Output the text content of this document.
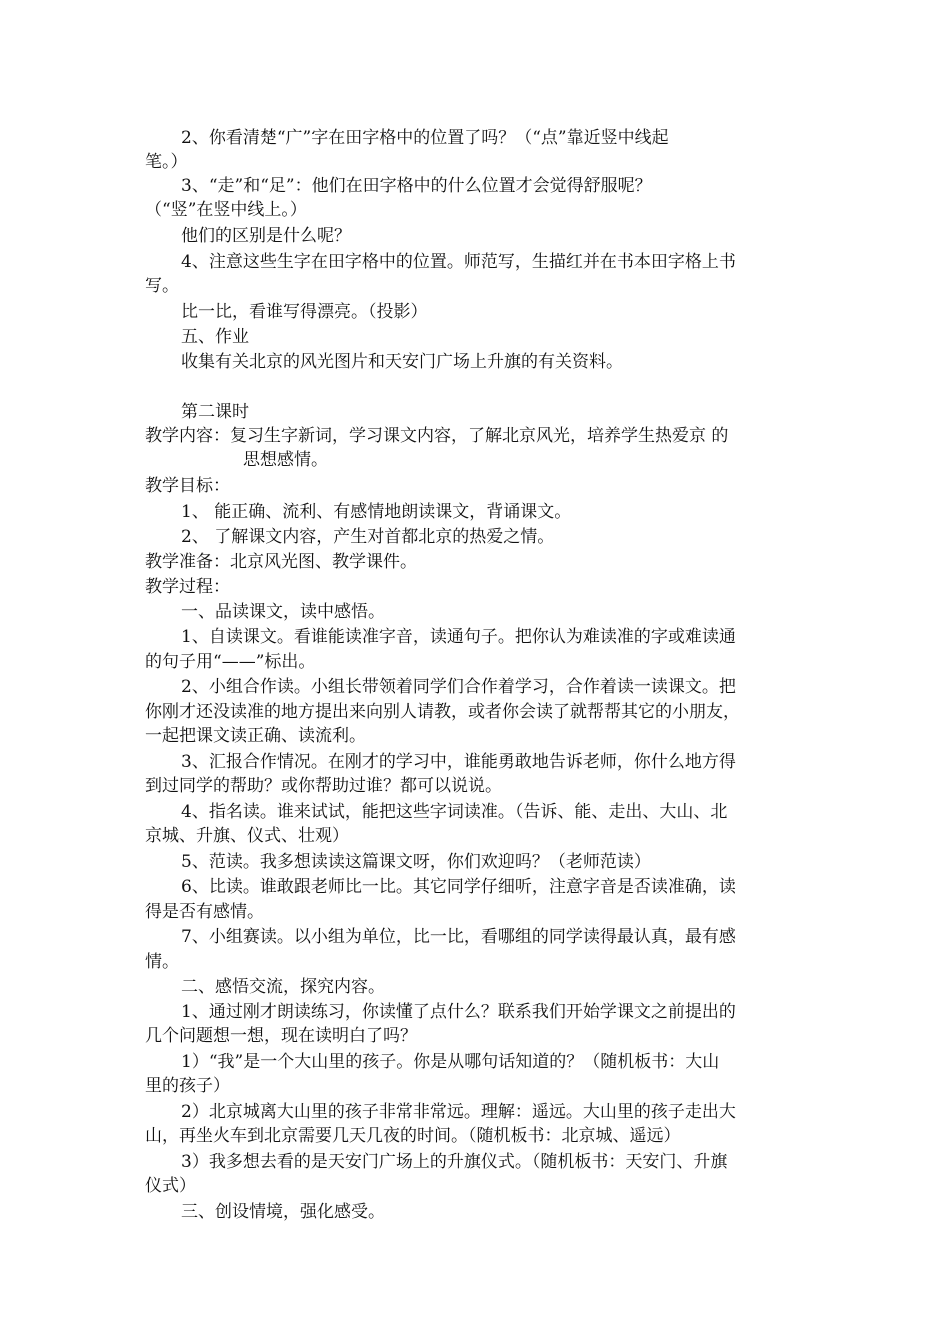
2、你看清楚“广”字在田字格中的位置了吗？（“点”靠近竖中线起
笔。）
3、“走”和“足”：他们在田字格中的什么位置才会觉得舒服呢？
（“竖”在竖中线上。）
他们的区别是什么呢？
4、注意这些生字在田字格中的位置。师范写，生描红并在书本田字格上书
写。
比一比，看谁写得漂亮。（投影）
五、作业
收集有关北京的风光图片和天安门广场上升旗的有关资料。
第二课时
教学内容：复习生字新词，学习课文内容，了解北京风光，培养学生热爱京 的
思想感情。
教学目标：
1、 能正确、流利、有感情地朗读课文，背诵课文。
2、 了解课文内容，产生对首都北京的热爱之情。
教学准备：北京风光图、教学课件。
教学过程：
一、品读课文，读中感悟。
1、自读课文。看谁能读准字音，读通句子。把你认为难读准的字或难读通
的句子用“——”标出。
2、小组合作读。小组长带领着同学们合作着学习，合作着读一读课文。把
你刚才还没读准的地方提出来向别人请教，或者你会读了就帮帮其它的小朋友，
一起把课文读正确、读流利。
3、汇报合作情况。在刚才的学习中，谁能勇敢地告诉老师，你什么地方得
到过同学的帮助？或你帮助过谁？都可以说说。
4、指名读。谁来试试，能把这些字词读准。（告诉、能、走出、大山、北
京城、升旗、仪式、壮观）
5、范读。我多想读读这篇课文呀，你们欢迎吗？（老师范读）
6、比读。谁敢跟老师比一比。其它同学仔细听，注意字音是否读准确，读
得是否有感情。
7、小组赛读。以小组为单位，比一比，看哪组的同学读得最认真，最有感
情。
二、感悟交流，探究内容。
1、通过刚才朗读练习，你读懂了点什么？联系我们开始学课文之前提出的
几个问题想一想，现在读明白了吗？
1）“我”是一个大山里的孩子。你是从哪句话知道的？（随机板书：大山
里的孩子）
2）北京城离大山里的孩子非常非常远。理解：遥远。大山里的孩子走出大
山，再坐火车到北京需要几天几夜的时间。（随机板书：北京城、遥远）
3）我多想去看的是天安门广场上的升旗仪式。（随机板书：天安门、升旗
仪式）
三、创设情境，强化感受。
